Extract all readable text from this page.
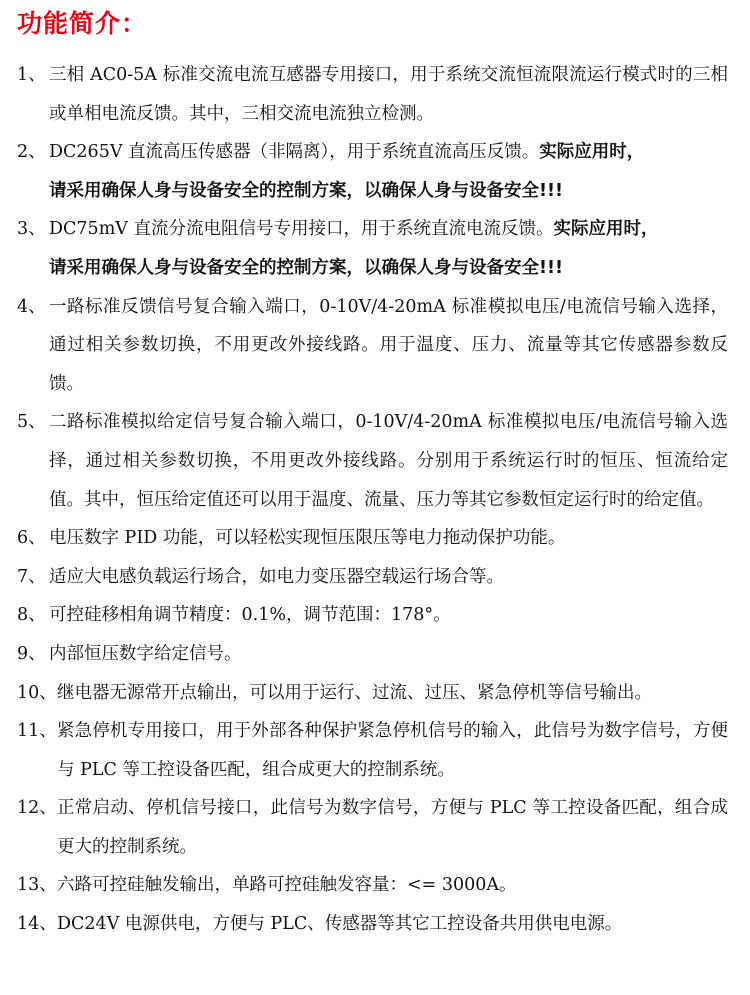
功能简介：
1、 三相 AC0-5A 标准交流电流互感器专用接口，用于系统交流恒流限流运行模式时的三相或单相电流反馈。其中，三相交流电流独立检测。
2、 DC265V 直流高压传感器（非隔离），用于系统直流高压反馈。实际应用时，
请采用确保人身与设备安全的控制方案，以确保人身与设备安全!!!
3、 DC75mV 直流分流电阻信号专用接口，用于系统直流电流反馈。实际应用时，
请采用确保人身与设备安全的控制方案，以确保人身与设备安全!!!
4、 一路标准反馈信号复合输入端口，0-10V/4-20mA 标准模拟电压/电流信号输入选择，通过相关参数切换，不用更改外接线路。用于温度、压力、流量等其它传感器参数反馈。
5、 二路标准模拟给定信号复合输入端口，0-10V/4-20mA 标准模拟电压/电流信号输入选择，通过相关参数切换，不用更改外接线路。分别用于系统运行时的恒压、恒流给定值。其中，恒压给定值还可以用于温度、流量、压力等其它参数恒定运行时的给定值。
6、 电压数字 PID 功能，可以轻松实现恒压限压等电力拖动保护功能。
7、 适应大电感负载运行场合，如电力变压器空载运行场合等。
8、 可控硅移相角调节精度：0.1%，调节范围：178°。
9、 内部恒压数字给定信号。
10、 继电器无源常开点输出，可以用于运行、过流、过压、紧急停机等信号输出。
11、 紧急停机专用接口，用于外部各种保护紧急停机信号的输入，此信号为数字信号，方便与 PLC 等工控设备匹配，组合成更大的控制系统。
12、 正常启动、停机信号接口，此信号为数字信号，方便与 PLC 等工控设备匹配，组合成更大的控制系统。
13、 六路可控硅触发输出，单路可控硅触发容量：<= 3000A。
14、 DC24V 电源供电，方便与 PLC、传感器等其它工控设备共用供电电源。
